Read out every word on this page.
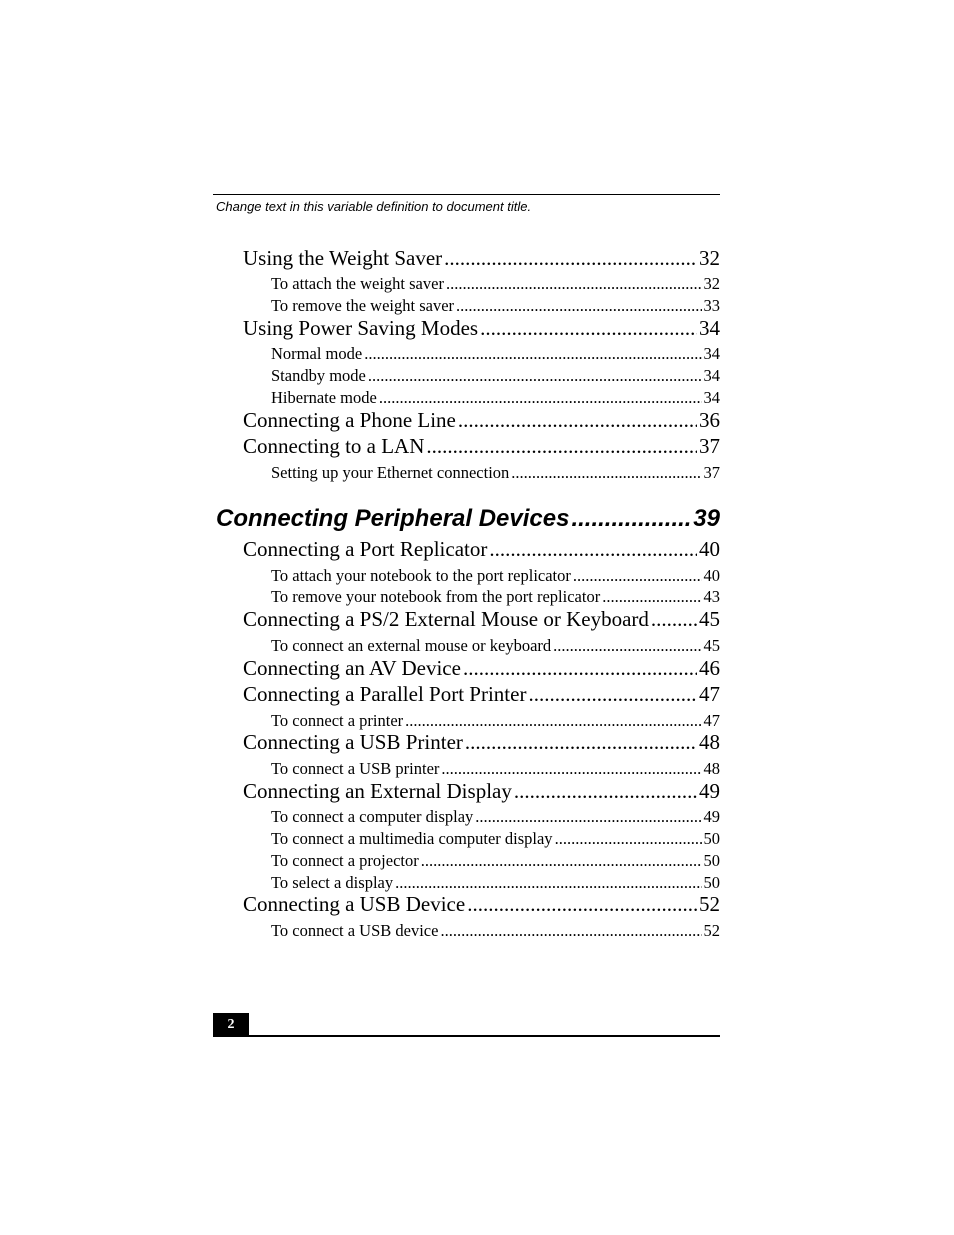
Change text in this variable definition to document title.
Using the Weight Saver .....	32
To attach the weight saver .....	32
To remove the weight saver .....	33
Using Power Saving Modes .....	34
Normal mode .....	34
Standby mode .....	34
Hibernate mode .....	34
Connecting a Phone Line .....	36
Connecting to a LAN .....	37
Setting up your Ethernet connection .....	37
Connecting Peripheral Devices .....	39
Connecting a Port Replicator .....	40
To attach your notebook to the port replicator .....	40
To remove your notebook from the port replicator .....	43
Connecting a PS/2 External Mouse or Keyboard ..... 45
To connect an external mouse or keyboard .....	45
Connecting an AV Device .....	46
Connecting a Parallel Port Printer .....	47
To connect a printer .....	47
Connecting a USB Printer .....	48
To connect a USB printer .....	48
Connecting an External Display .....	49
To connect a computer display .....	49
To connect a multimedia computer display .....	50
To connect a projector .....	50
To select a display .....	50
Connecting a USB Device .....	52
To connect a USB device .....	52
2
